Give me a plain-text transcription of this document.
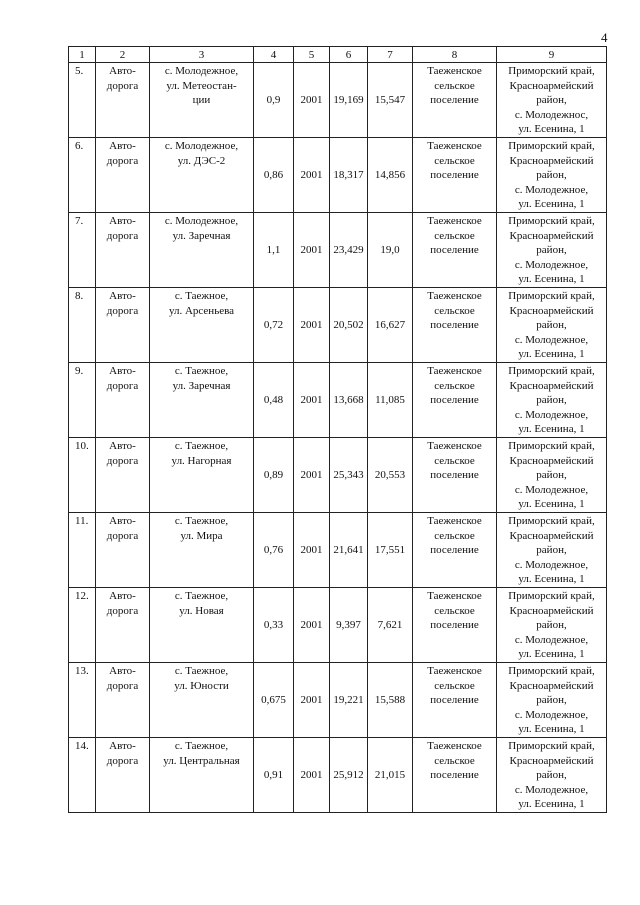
4
1	2	3	4	5	6	7	8	9

5.	Авто-
дорога	с. Молодежное,
ул. Метеостан-
ции	0,9	2001	19,169	15,547	Таеженское
сельское
поселение	Приморский край,
Красноармейский
район,
с. Молодежнос,
ул. Есенина, 1

6.	Авто-
дорога	с. Молодежное,
ул. ДЭС-2	0,86	2001	18,317	14,856	Таеженское
сельское
поселение	Приморский край,
Красноармейский
район,
с. Молодежное,
ул. Есенина, 1

7.	Авто-
дорога	с. Молодежное,
ул. Заречная	1,1	2001	23,429	19,0	Таеженское
сельское
поселение	Приморский край,
Красноармейский
район,
с. Молодежное,
ул. Есенина, 1

8.	Авто-
дорога	с. Таежное,
ул. Арсеньева	0,72	2001	20,502	16,627	Таеженское
сельское
поселение	Приморский край,
Красноармейский
район,
с. Молодежное,
ул. Есенина, 1

9.	Авто-
дорога	с. Таежное,
ул. Заречная	0,48	2001	13,668	11,085	Таеженское
сельское
поселение	Приморский край,
Красноармейский
район,
с. Молодежное,
ул. Есенина, 1

10.	Авто-
дорога	с. Таежное,
ул. Нагорная	0,89	2001	25,343	20,553	Таеженское
сельское
поселение	Приморский край,
Красноармейский
район,
с. Молодежное,
ул. Есенина, 1

11.	Авто-
дорога	с. Таежное,
ул. Мира	0,76	2001	21,641	17,551	Таеженское
сельское
поселение	Приморский край,
Красноармейский
район,
с. Молодежное,
ул. Есенина, 1

12.	Авто-
дорога	с. Таежное,
ул. Новая	0,33	2001	9,397	7,621	Таеженское
сельское
поселение	Приморский край,
Красноармейский
район,
с. Молодежное,
ул. Есенина, 1

13.	Авто-
дорога	с. Таежное,
ул. Юности	0,675	2001	19,221	15,588	Таеженское
сельское
поселение	Приморский край,
Красноармейский
район,
с. Молодежное,
ул. Есенина, 1

14.	Авто-
дорога	с. Таежное,
ул. Центральная	0,91	2001	25,912	21,015	Таеженское
сельское
поселение	Приморский край,
Красноармейский
район,
с. Молодежное,
ул. Есенина, 1
